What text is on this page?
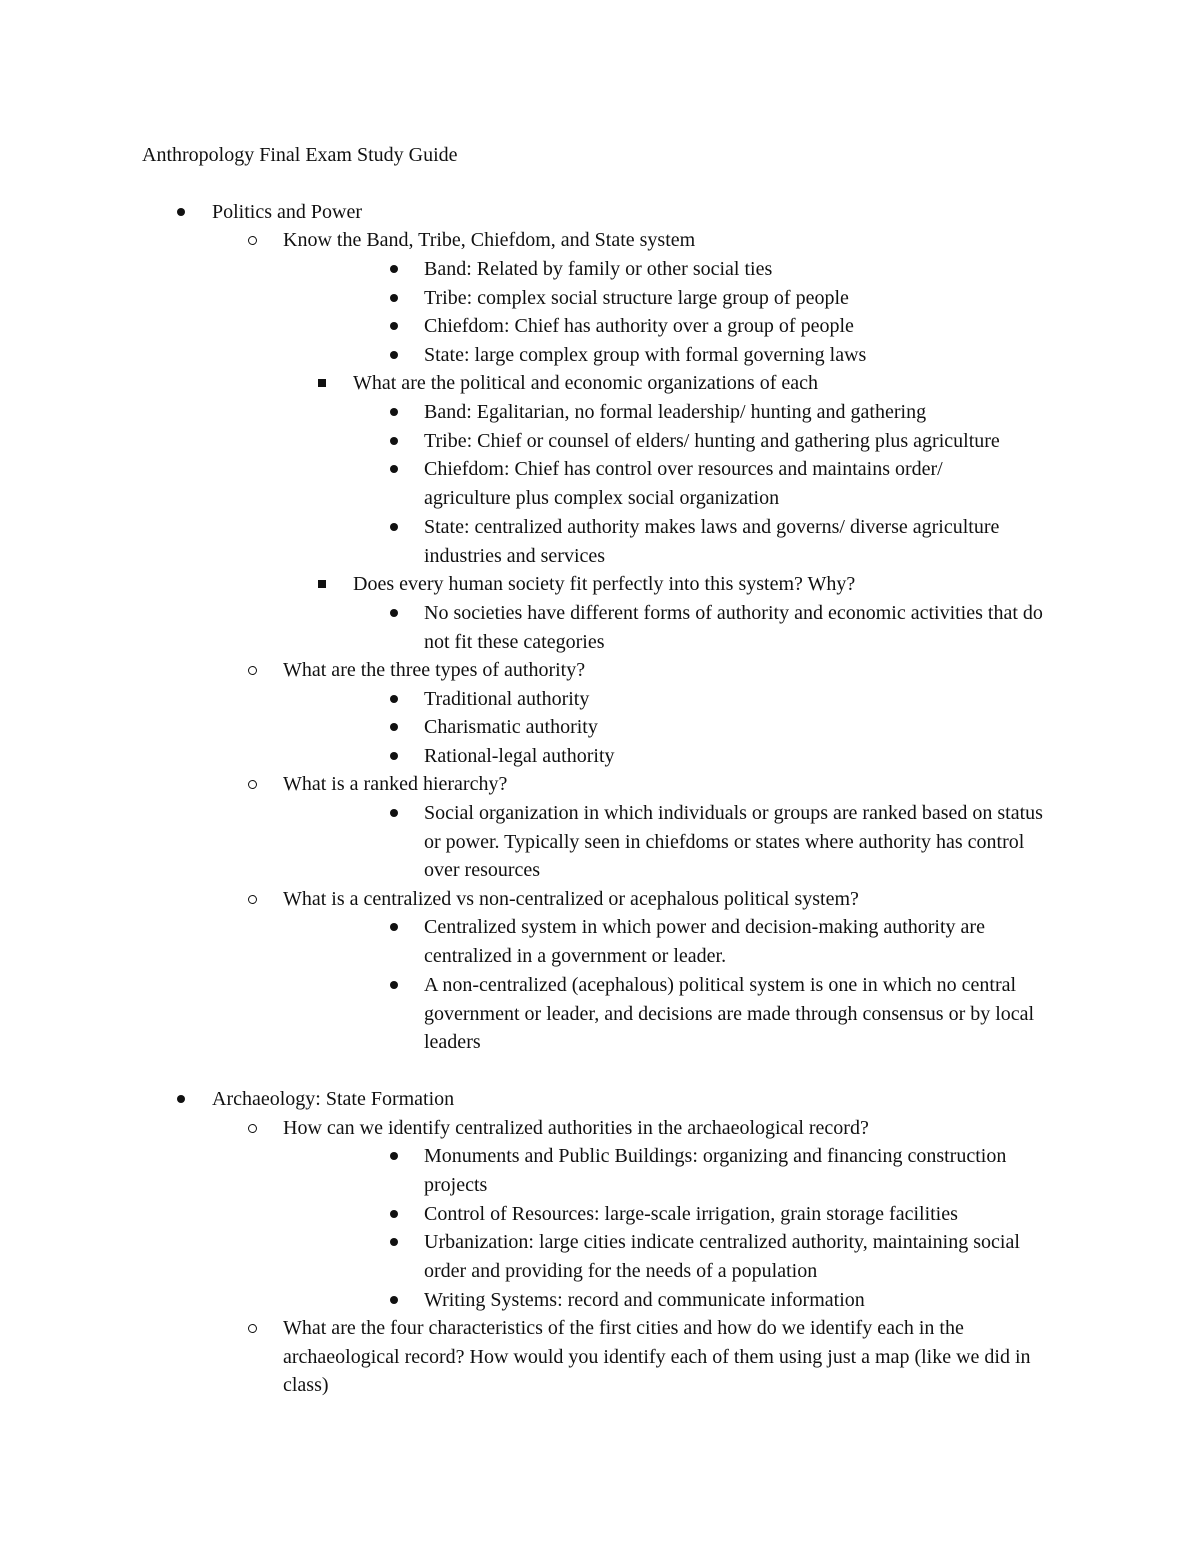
Anthropology Final Exam Study Guide
Politics and Power
Know the Band, Tribe, Chiefdom, and State system
Band: Related by family or other social ties
Tribe: complex social structure large group of people
Chiefdom: Chief has authority over a group of people
State: large complex group with formal governing laws
What are the political and economic organizations of each
Band: Egalitarian, no formal leadership/ hunting and gathering
Tribe: Chief or counsel of elders/ hunting and gathering plus agriculture
Chiefdom: Chief has control over resources and maintains order/ agriculture plus complex social organization
State: centralized authority makes laws and governs/ diverse agriculture industries and services
Does every human society fit perfectly into this system? Why?
No societies have different forms of authority and economic activities that do not fit these categories
What are the three types of authority?
Traditional authority
Charismatic authority
Rational-legal authority
What is a ranked hierarchy?
Social organization in which individuals or groups are ranked based on status or power. Typically seen in chiefdoms or states where authority has control over resources
What is a centralized vs non-centralized or acephalous political system?
Centralized system in which power and decision-making authority are centralized in a government or leader.
A non-centralized (acephalous) political system is one in which no central government or leader, and decisions are made through consensus or by local leaders
Archaeology: State Formation
How can we identify centralized authorities in the archaeological record?
Monuments and Public Buildings: organizing and financing construction projects
Control of Resources: large-scale irrigation, grain storage facilities
Urbanization: large cities indicate centralized authority, maintaining social order and providing for the needs of a population
Writing Systems: record and communicate information
What are the four characteristics of the first cities and how do we identify each in the archaeological record? How would you identify each of them using just a map (like we did in class)
